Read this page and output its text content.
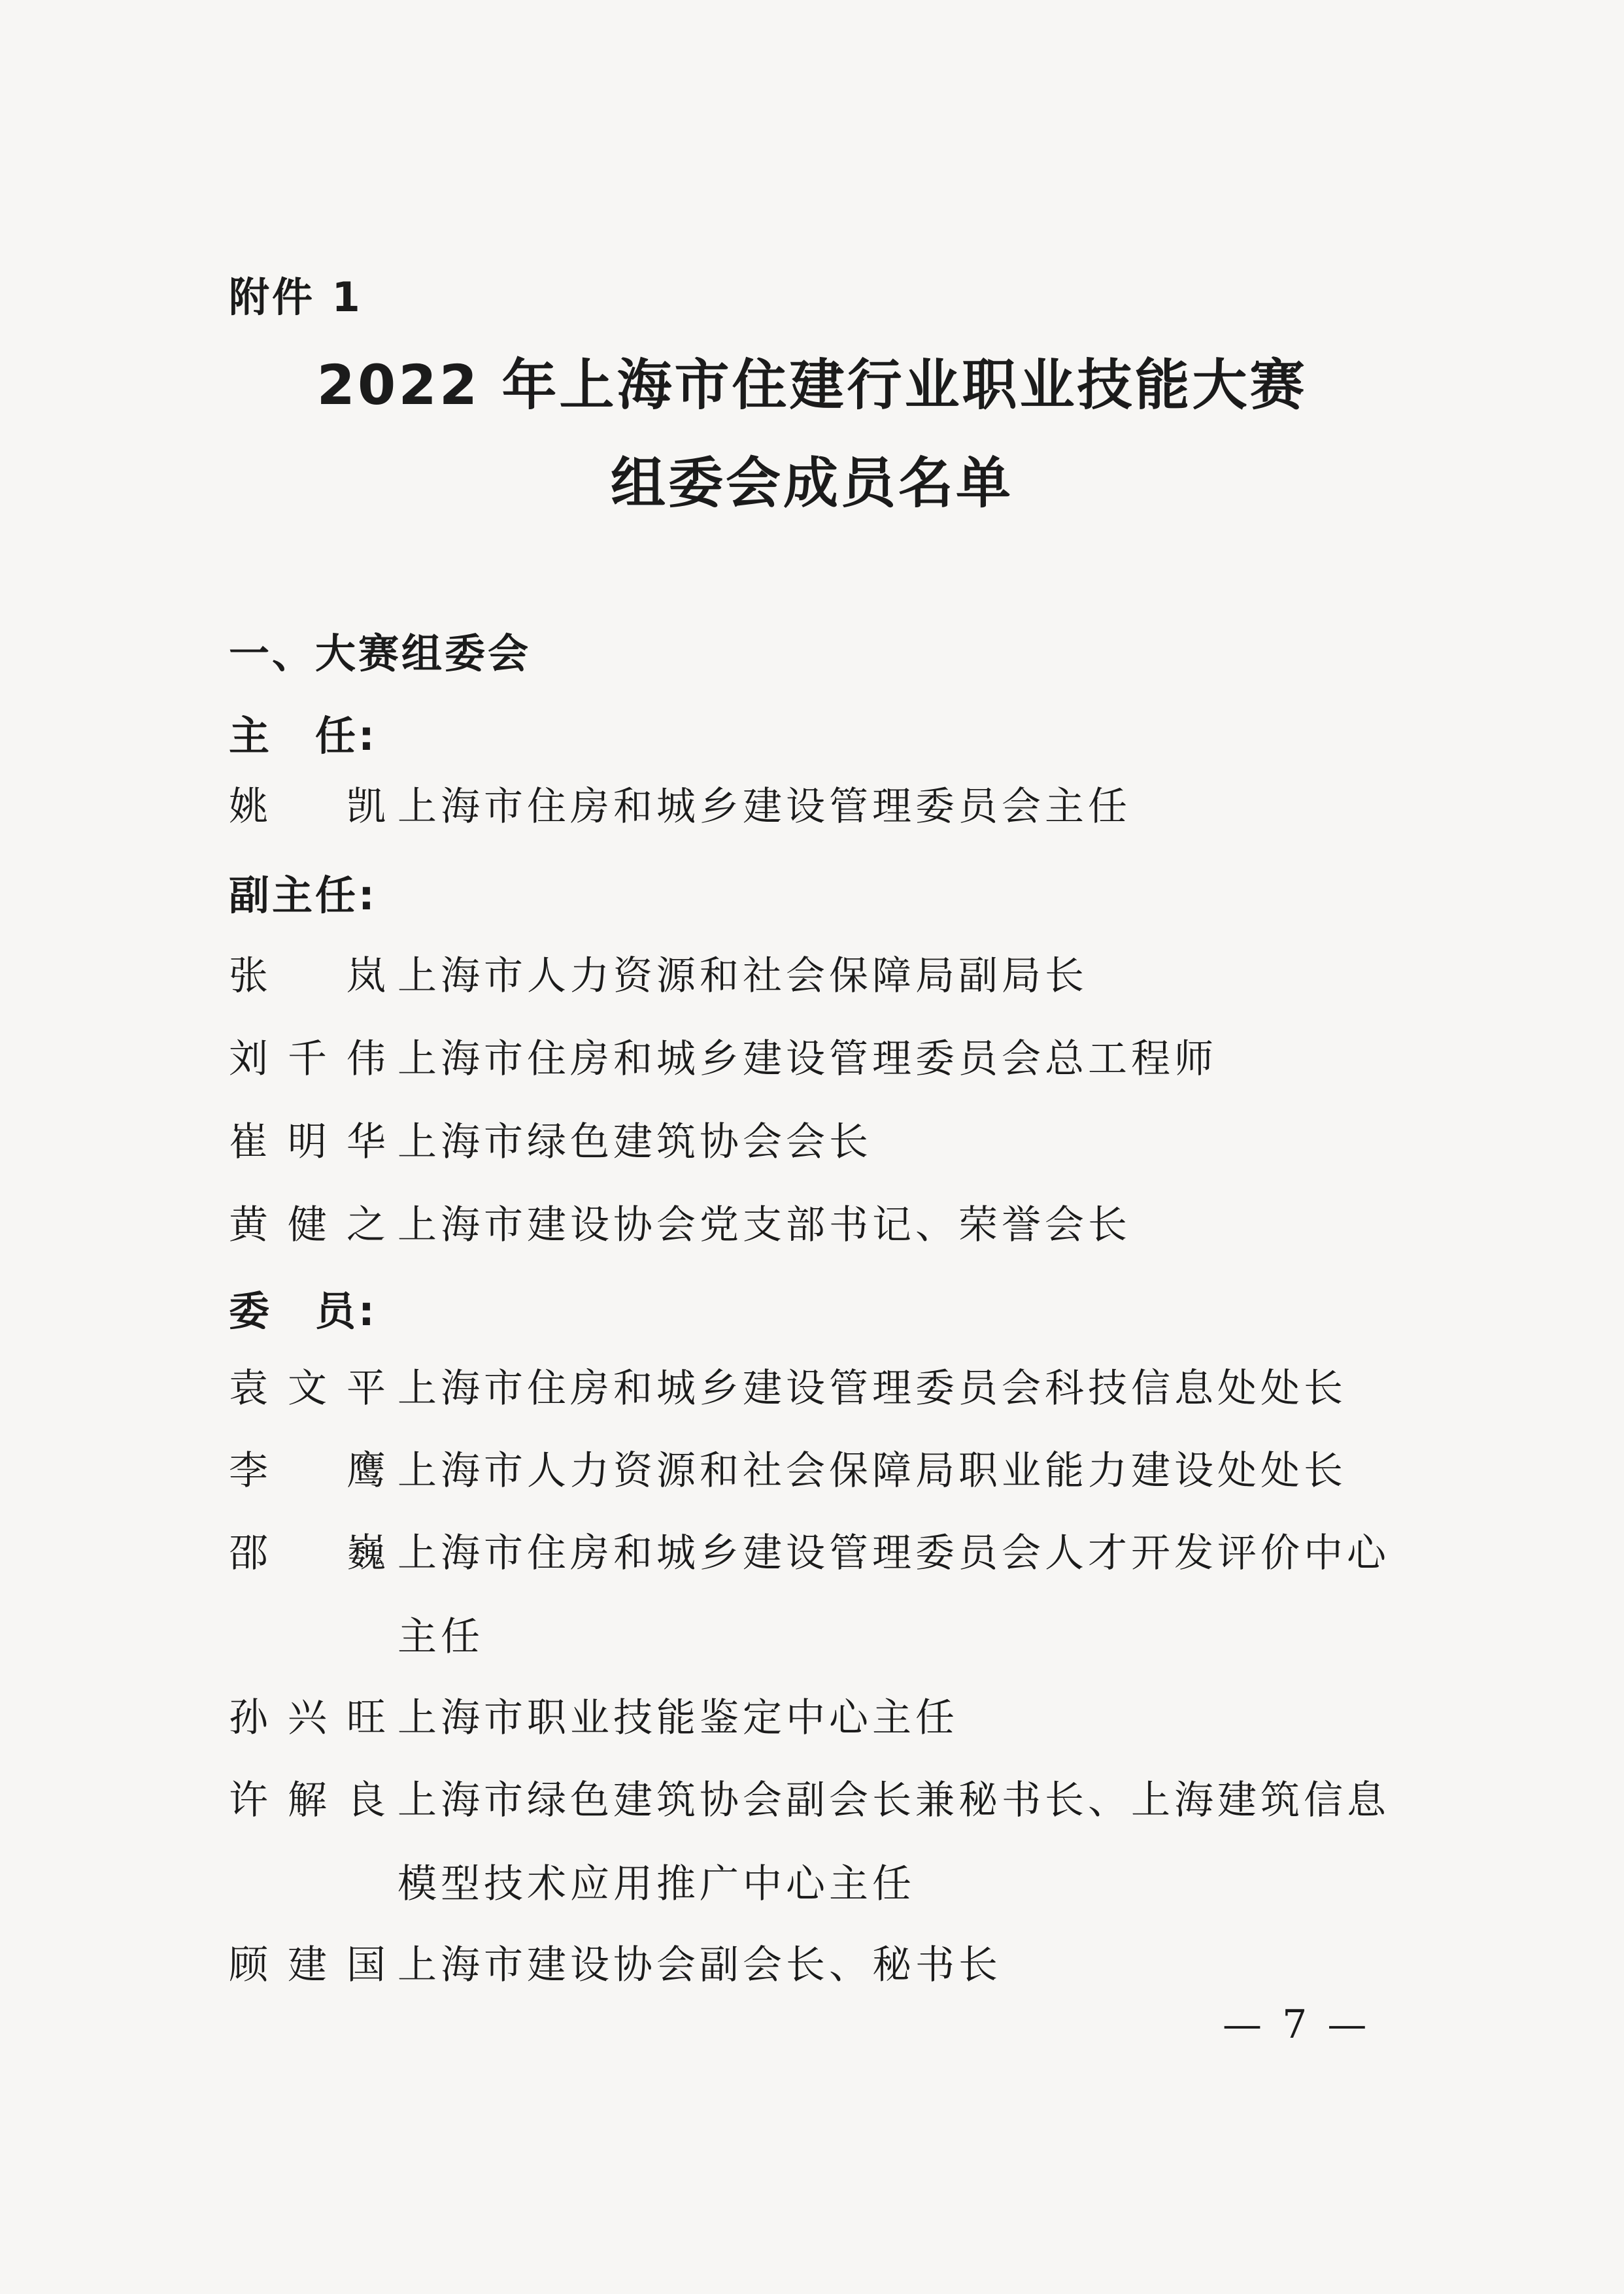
附件 1
2022 年上海市住建行业职业技能大赛
组委会成员名单
一、大赛组委会
主　任:
姚凯 上海市住房和城乡建设管理委员会主任
副主任:
张岚 上海市人力资源和社会保障局副局长
刘千伟 上海市住房和城乡建设管理委员会总工程师
崔明华 上海市绿色建筑协会会长
黄健之 上海市建设协会党支部书记、荣誉会长
委　员:
袁文平 上海市住房和城乡建设管理委员会科技信息处处长
李鹰 上海市人力资源和社会保障局职业能力建设处处长
邵巍 上海市住房和城乡建设管理委员会人才开发评价中心主任
孙兴旺 上海市职业技能鉴定中心主任
许解良 上海市绿色建筑协会副会长兼秘书长、上海建筑信息模型技术应用推广中心主任
顾建国 上海市建设协会副会长、秘书长
— 7 —
